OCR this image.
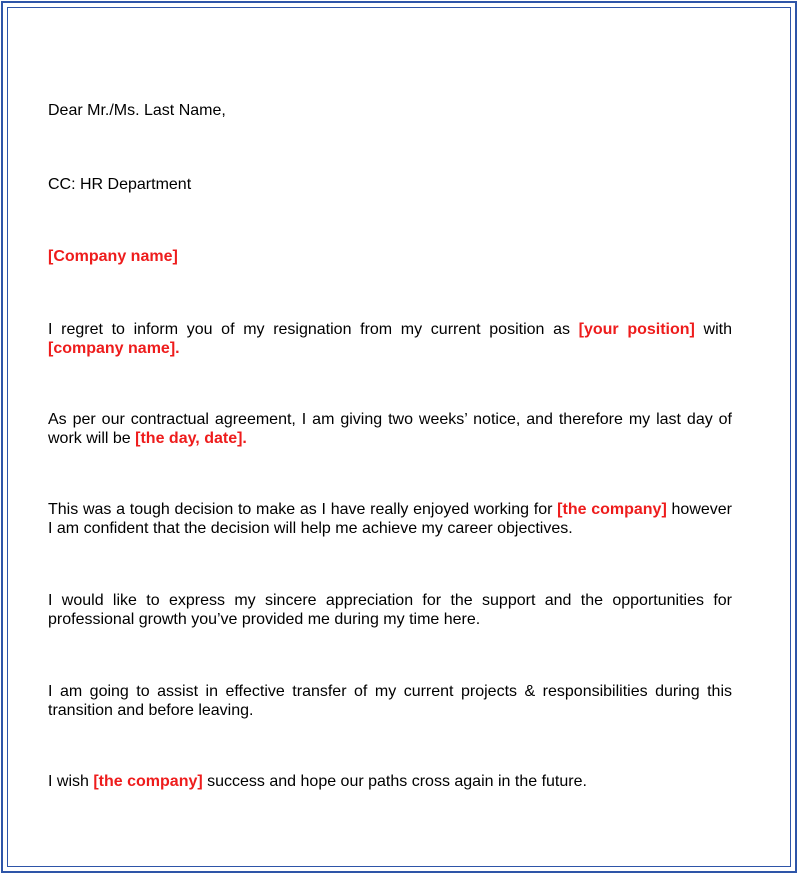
Dear Mr./Ms. Last Name,

CC: HR Department

[Company name]

I regret to inform you of my resignation from my current position as [your position] with [company name].

As per our contractual agreement, I am giving two weeks’ notice, and therefore my last day of work will be [the day, date].

This was a tough decision to make as I have really enjoyed working for [the company] however I am confident that the decision will help me achieve my career objectives.

I would like to express my sincere appreciation for the support and the opportunities for professional growth you’ve provided me during my time here.

I am going to assist in effective transfer of my current projects & responsibilities during this transition and before leaving.

I wish [the company] success and hope our paths cross again in the future.
